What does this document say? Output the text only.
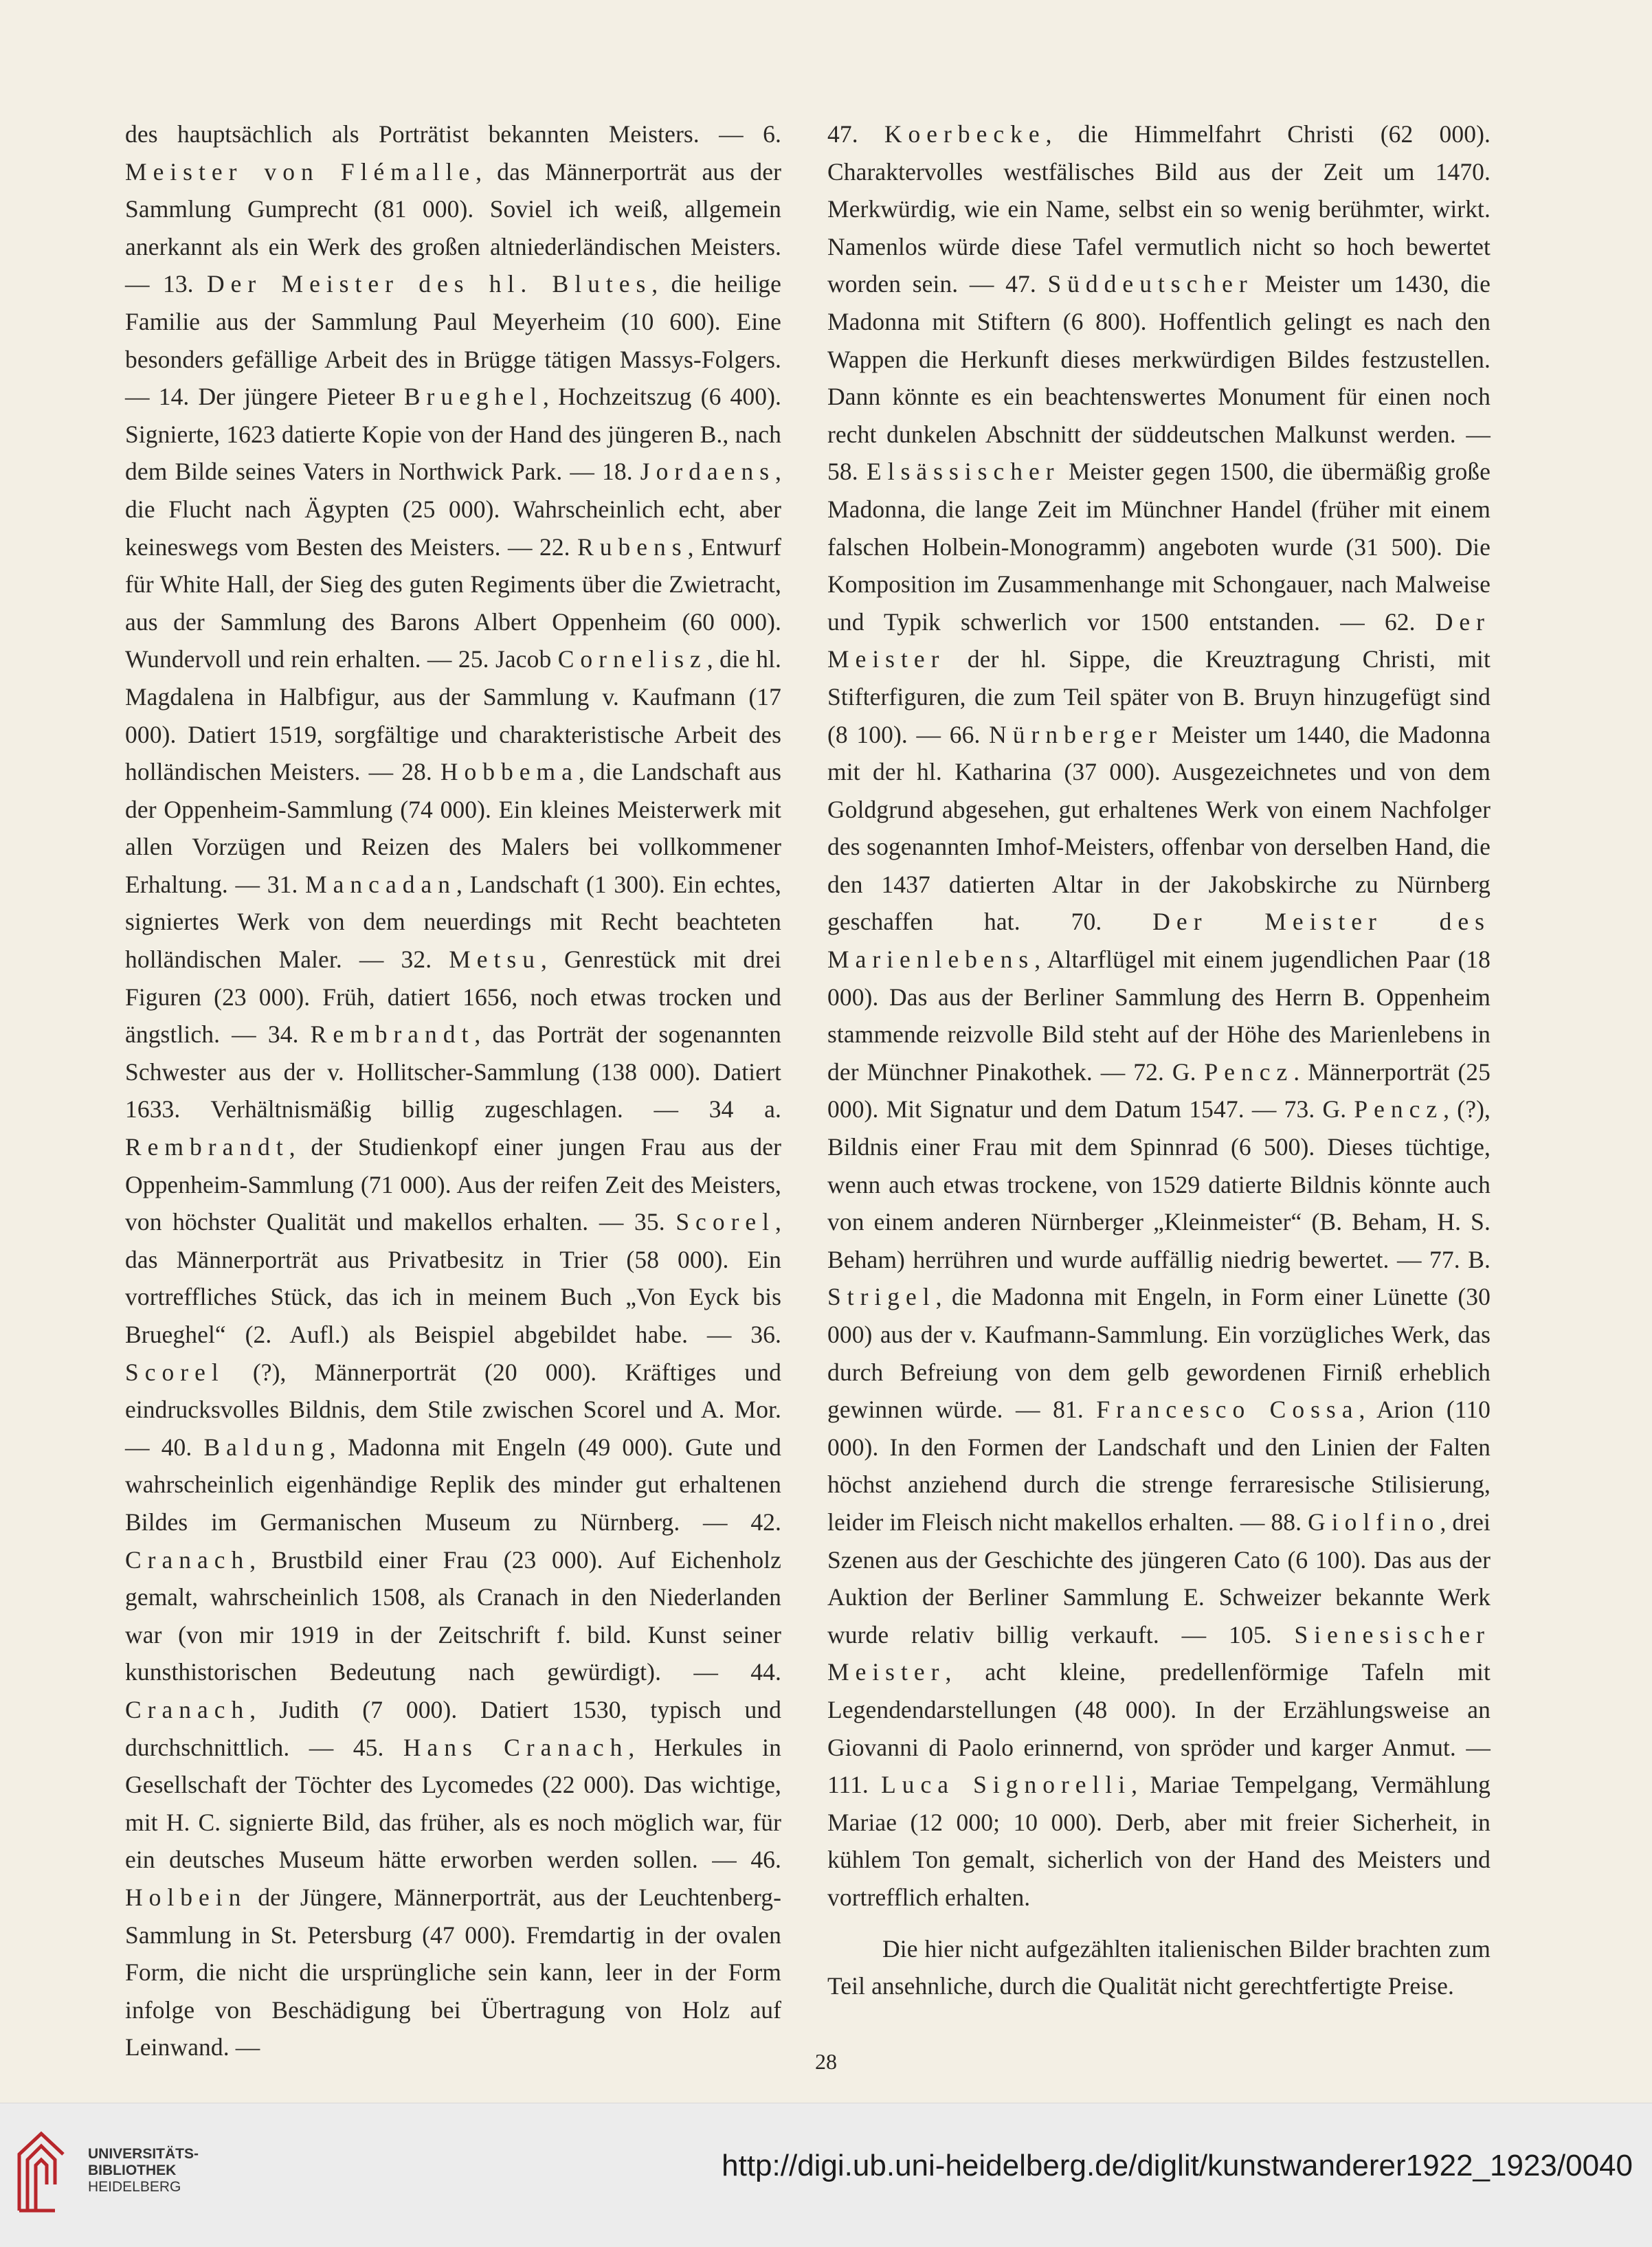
des hauptsächlich als Porträtist bekannten Meisters. — 6. Meister von Flémalle, das Männerporträt aus der Sammlung Gumprecht (81 000). Soviel ich weiß, allgemein anerkannt als ein Werk des großen altniederländischen Meisters. — 13. Der Meister des hl. Blutes, die heilige Familie aus der Sammlung Paul Meyerheim (10 600). Eine besonders gefällige Arbeit des in Brügge tätigen Massys-Folgers. — 14. Der jüngere Pieteer Brueghel, Hochzeitszug (6 400). Signierte, 1623 datierte Kopie von der Hand des jüngeren B., nach dem Bilde seines Vaters in Northwick Park. — 18. Jordaens, die Flucht nach Ägypten (25 000). Wahrscheinlich echt, aber keineswegs vom Besten des Meisters. — 22. Rubens, Entwurf für White Hall, der Sieg des guten Regiments über die Zwietracht, aus der Sammlung des Barons Albert Oppenheim (60 000). Wundervoll und rein erhalten. — 25. Jacob Cornelisz, die hl. Magdalena in Halbfigur, aus der Sammlung v. Kaufmann (17 000). Datiert 1519, sorgfältige und charakteristische Arbeit des holländischen Meisters. — 28. Hobbema, die Landschaft aus der Oppenheim-Sammlung (74 000). Ein kleines Meisterwerk mit allen Vorzügen und Reizen des Malers bei vollkommener Erhaltung. — 31. Mancadan, Landschaft (1 300). Ein echtes, signiertes Werk von dem neuerdings mit Recht beachteten holländischen Maler. — 32. Metsu, Genrestück mit drei Figuren (23 000). Früh, datiert 1656, noch etwas trocken und ängstlich. — 34. Rembrandt, das Porträt der sogenannten Schwester aus der v. Hollitscher-Sammlung (138 000). Datiert 1633. Verhältnismäßig billig zugeschlagen. — 34 a. Rembrandt, der Studienkopf einer jungen Frau aus der Oppenheim-Sammlung (71 000). Aus der reifen Zeit des Meisters, von höchster Qualität und makellos erhalten. — 35. Scorel, das Männerporträt aus Privatbesitz in Trier (58 000). Ein vortreffliches Stück, das ich in meinem Buch „Von Eyck bis Brueghel“ (2. Aufl.) als Beispiel abgebildet habe. — 36. Scorel (?), Männerporträt (20 000). Kräftiges und eindrucksvolles Bildnis, dem Stile zwischen Scorel und A. Mor. — 40. Baldung, Madonna mit Engeln (49 000). Gute und wahrscheinlich eigenhändige Replik des minder gut erhaltenen Bildes im Germanischen Museum zu Nürnberg. — 42. Cranach, Brustbild einer Frau (23 000). Auf Eichenholz gemalt, wahrscheinlich 1508, als Cranach in den Niederlanden war (von mir 1919 in der Zeitschrift f. bild. Kunst seiner kunsthistorischen Bedeutung nach gewürdigt). — 44. Cranach, Judith (7 000). Datiert 1530, typisch und durchschnittlich. — 45. Hans Cranach, Herkules in Gesellschaft der Töchter des Lycomedes (22 000). Das wichtige, mit H. C. signierte Bild, das früher, als es noch möglich war, für ein deutsches Museum hätte erworben werden sollen. — 46. Holbein der Jüngere, Männerporträt, aus der Leuchtenberg-Sammlung in St. Petersburg (47 000). Fremdartig in der ovalen Form, die nicht die ursprüngliche sein kann, leer in der Form infolge von Beschädigung bei Übertragung von Holz auf Leinwand. —

47. Koerbecke, die Himmelfahrt Christi (62 000). Charaktervolles westfälisches Bild aus der Zeit um 1470. Merkwürdig, wie ein Name, selbst ein so wenig berühmter, wirkt. Namenlos würde diese Tafel vermutlich nicht so hoch bewertet worden sein. — 47. Süddeutscher Meister um 1430, die Madonna mit Stiftern (6 800). Hoffentlich gelingt es nach den Wappen die Herkunft dieses merkwürdigen Bildes festzustellen. Dann könnte es ein beachtenswertes Monument für einen noch recht dunkelen Abschnitt der süddeutschen Malkunst werden. — 58. Elsässischer Meister gegen 1500, die übermäßig große Madonna, die lange Zeit im Münchner Handel (früher mit einem falschen Holbein-Monogramm) angeboten wurde (31 500). Die Komposition im Zusammenhange mit Schongauer, nach Malweise und Typik schwerlich vor 1500 entstanden. — 62. Der Meister der hl. Sippe, die Kreuztragung Christi, mit Stifterfiguren, die zum Teil später von B. Bruyn hinzugefügt sind (8 100). — 66. Nürnberger Meister um 1440, die Madonna mit der hl. Katharina (37 000). Ausgezeichnetes und von dem Goldgrund abgesehen, gut erhaltenes Werk von einem Nachfolger des sogenannten Imhof-Meisters, offenbar von derselben Hand, die den 1437 datierten Altar in der Jakobskirche zu Nürnberg geschaffen hat. 70. Der Meister des Marienlebens, Altarflügel mit einem jugendlichen Paar (18 000). Das aus der Berliner Sammlung des Herrn B. Oppenheim stammende reizvolle Bild steht auf der Höhe des Marienlebens in der Münchner Pinakothek. — 72. G. Pencz. Männerporträt (25 000). Mit Signatur und dem Datum 1547. — 73. G. Pencz, (?), Bildnis einer Frau mit dem Spinnrad (6 500). Dieses tüchtige, wenn auch etwas trockene, von 1529 datierte Bildnis könnte auch von einem anderen Nürnberger „Kleinmeister“ (B. Beham, H. S. Beham) herrühren und wurde auffällig niedrig bewertet. — 77. B. Strigel, die Madonna mit Engeln, in Form einer Lünette (30 000) aus der v. Kaufmann-Sammlung. Ein vorzügliches Werk, das durch Befreiung von dem gelb gewordenen Firniß erheblich gewinnen würde. — 81. Francesco Cossa, Arion (110 000). In den Formen der Landschaft und den Linien der Falten höchst anziehend durch die strenge ferraresische Stilisierung, leider im Fleisch nicht makellos erhalten. — 88. Giolfino, drei Szenen aus der Geschichte des jüngeren Cato (6 100). Das aus der Auktion der Berliner Sammlung E. Schweizer bekannte Werk wurde relativ billig verkauft. — 105. Sienesischer Meister, acht kleine, predellenförmige Tafeln mit Legendendarstellungen (48 000). In der Erzählungsweise an Giovanni di Paolo erinnernd, von spröder und karger Anmut. — 111. Luca Signorelli, Mariae Tempelgang, Vermählung Mariae (12 000; 10 000). Derb, aber mit freier Sicherheit, in kühlem Ton gemalt, sicherlich von der Hand des Meisters und vortrefflich erhalten.

Die hier nicht aufgezählten italienischen Bilder brachten zum Teil ansehnliche, durch die Qualität nicht gerechtfertigte Preise.

28
UNIVERSITÄTS-
BIBLIOTHEK
HEIDELBERG
http://digi.ub.uni-heidelberg.de/diglit/kunstwanderer1922_1923/0040
